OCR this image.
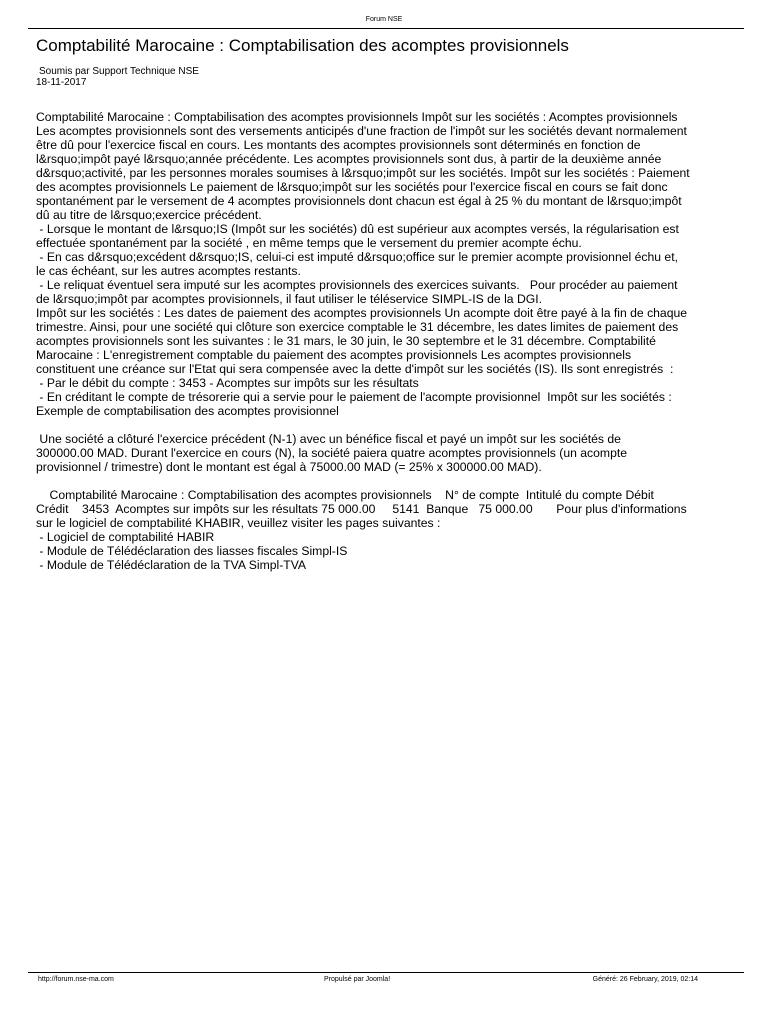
Forum NSE
Comptabilité Marocaine : Comptabilisation des acomptes provisionnels
Soumis par Support Technique NSE
18-11-2017
Comptabilité Marocaine : Comptabilisation des acomptes provisionnels Impôt sur les sociétés : Acomptes provisionnels
Les acomptes provisionnels sont des versements anticipés d'une fraction de l'impôt sur les sociétés devant normalement
être dû pour l'exercice fiscal en cours. Les montants des acomptes provisionnels sont déterminés en fonction de
l&rsquo;impôt payé l&rsquo;année précédente. Les acomptes provisionnels sont dus, à partir de la deuxième année
d&rsquo;activité, par les personnes morales soumises à l&rsquo;impôt sur les sociétés. Impôt sur les sociétés : Paiement
des acomptes provisionnels Le paiement de l&rsquo;impôt sur les sociétés pour l'exercice fiscal en cours se fait donc
spontanément par le versement de 4 acomptes provisionnels dont chacun est égal à 25 % du montant de l&rsquo;impôt
dû au titre de l&rsquo;exercice précédent.
- Lorsque le montant de l&rsquo;IS (Impôt sur les sociétés) dû est supérieur aux acomptes versés, la régularisation est
effectuée spontanément par la société , en même temps que le versement du premier acompte échu.
- En cas d&rsquo;excédent d&rsquo;IS, celui-ci est imputé d&rsquo;office sur le premier acompte provisionnel échu et,
le cas échéant, sur les autres acomptes restants.
- Le reliquat éventuel sera imputé sur les acomptes provisionnels des exercices suivants.   Pour procéder au paiement
de l&rsquo;impôt par acomptes provisionnels, il faut utiliser le téléservice SIMPL-IS de la DGI.
Impôt sur les sociétés : Les dates de paiement des acomptes provisionnels Un acompte doit être payé à la fin de chaque
trimestre. Ainsi, pour une société qui clôture son exercice comptable le 31 décembre, les dates limites de paiement des
acomptes provisionnels sont les suivantes : le 31 mars, le 30 juin, le 30 septembre et le 31 décembre. Comptabilité
Marocaine : L'enregistrement comptable du paiement des acomptes provisionnels Les acomptes provisionnels
constituent une créance sur l'Etat qui sera compensée avec la dette d'impôt sur les sociétés (IS). Ils sont enregistrés  :
- Par le débit du compte : 3453 - Acomptes sur impôts sur les résultats
- En créditant le compte de trésorerie qui a servie pour le paiement de l'acompte provisionnel  Impôt sur les sociétés :
Exemple de comptabilisation des acomptes provisionnel
Une société a clôturé l'exercice précédent (N-1) avec un bénéfice fiscal et payé un impôt sur les sociétés de
300000.00 MAD. Durant l'exercice en cours (N), la société paiera quatre acomptes provisionnels (un acompte
provisionnel / trimestre) dont le montant est égal à 75000.00 MAD (= 25% x 300000.00 MAD).
Comptabilité Marocaine : Comptabilisation des acomptes provisionnels    N° de compte  Intitulé du compte Débit
Crédit    3453  Acomptes sur impôts sur les résultats 75 000.00     5141  Banque   75 000.00       Pour plus d'informations
sur le logiciel de comptabilité KHABIR, veuillez visiter les pages suivantes :
- Logiciel de comptabilité HABIR
- Module de Télédéclaration des liasses fiscales Simpl-IS
- Module de Télédéclaration de la TVA Simpl-TVA
http://forum.nse-ma.com	Propulsé par Joomla!	Généré: 26 February, 2019, 02:14
